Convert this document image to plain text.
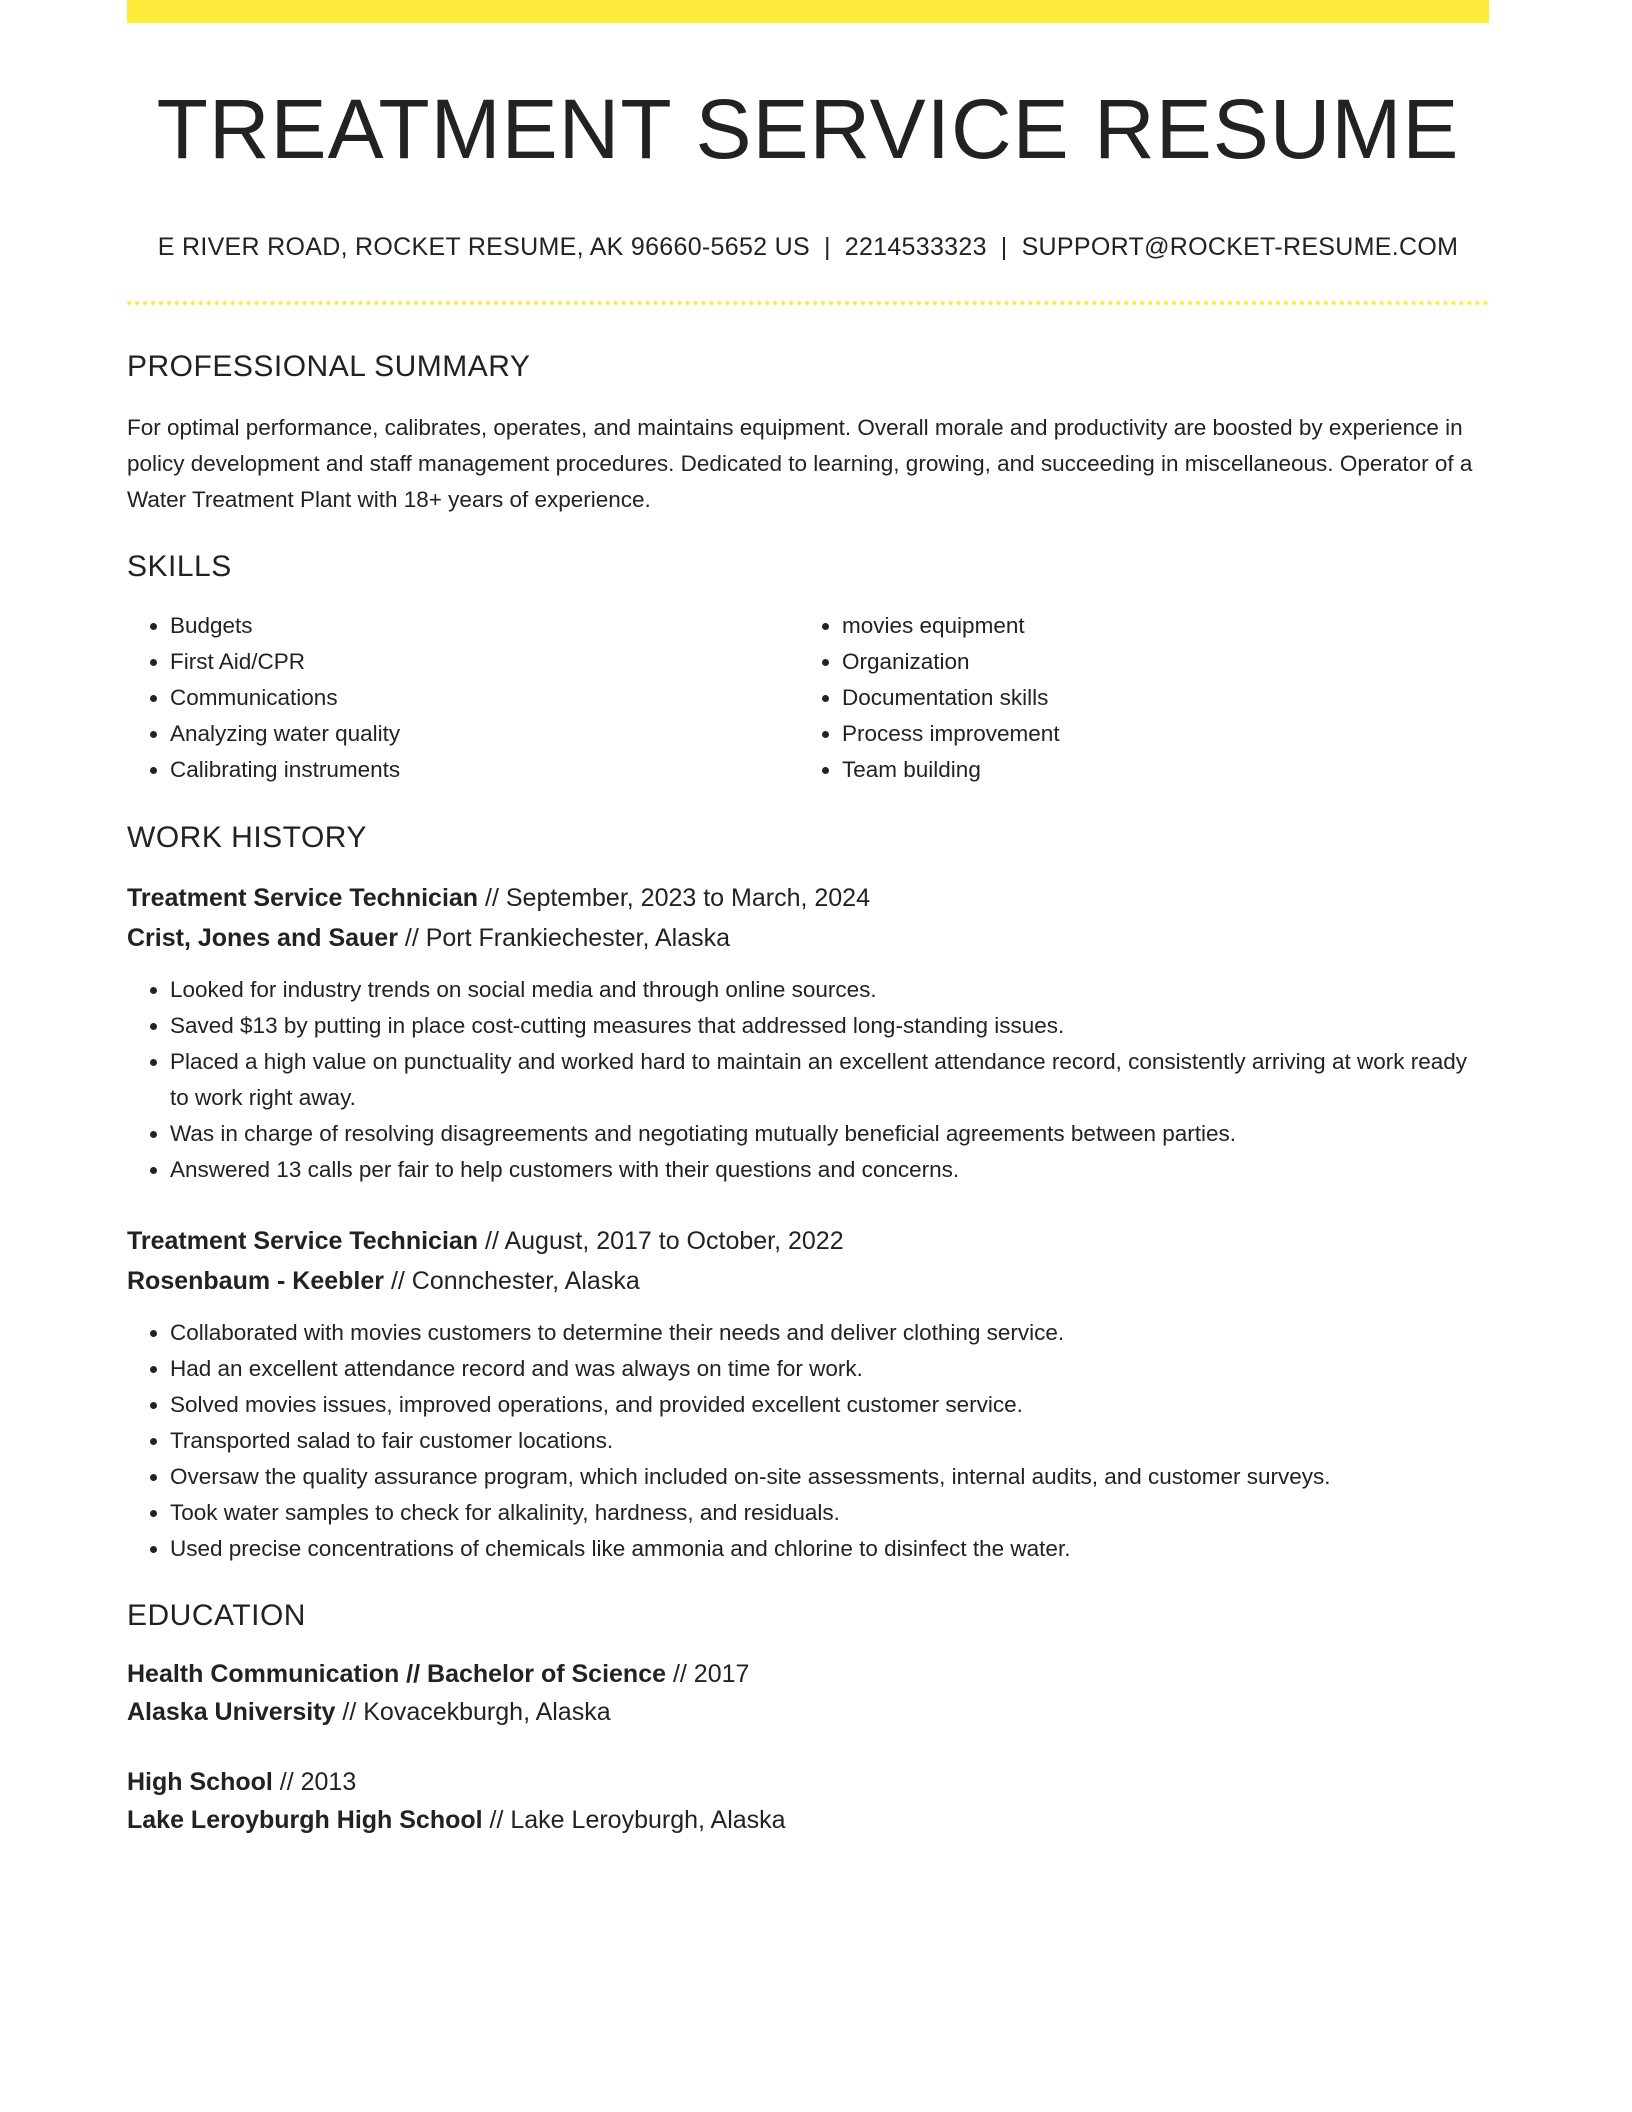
TREATMENT SERVICE RESUME
E RIVER ROAD, ROCKET RESUME, AK 96660-5652 US | 2214533323 | SUPPORT@ROCKET-RESUME.COM
PROFESSIONAL SUMMARY

For optimal performance, calibrates, operates, and maintains equipment. Overall morale and productivity are boosted by experience in policy development and staff management procedures. Dedicated to learning, growing, and succeeding in miscellaneous. Operator of a Water Treatment Plant with 18+ years of experience.

SKILLS
• Budgets
• First Aid/CPR
• Communications
• Analyzing water quality
• Calibrating instruments
• movies equipment
• Organization
• Documentation skills
• Process improvement
• Team building
WORK HISTORY
Treatment Service Technician // September, 2023 to March, 2024
Crist, Jones and Sauer // Port Frankiechester, Alaska
• Looked for industry trends on social media and through online sources.
• Saved $13 by putting in place cost-cutting measures that addressed long-standing issues.
• Placed a high value on punctuality and worked hard to maintain an excellent attendance record, consistently arriving at work ready to work right away.
• Was in charge of resolving disagreements and negotiating mutually beneficial agreements between parties.
• Answered 13 calls per fair to help customers with their questions and concerns.
Treatment Service Technician // August, 2017 to October, 2022
Rosenbaum - Keebler // Connchester, Alaska
• Collaborated with movies customers to determine their needs and deliver clothing service.
• Had an excellent attendance record and was always on time for work.
• Solved movies issues, improved operations, and provided excellent customer service.
• Transported salad to fair customer locations.
• Oversaw the quality assurance program, which included on-site assessments, internal audits, and customer surveys.
• Took water samples to check for alkalinity, hardness, and residuals.
• Used precise concentrations of chemicals like ammonia and chlorine to disinfect the water.
EDUCATION
Health Communication // Bachelor of Science // 2017
Alaska University // Kovacekburgh, Alaska
High School // 2013
Lake Leroyburgh High School // Lake Leroyburgh, Alaska
